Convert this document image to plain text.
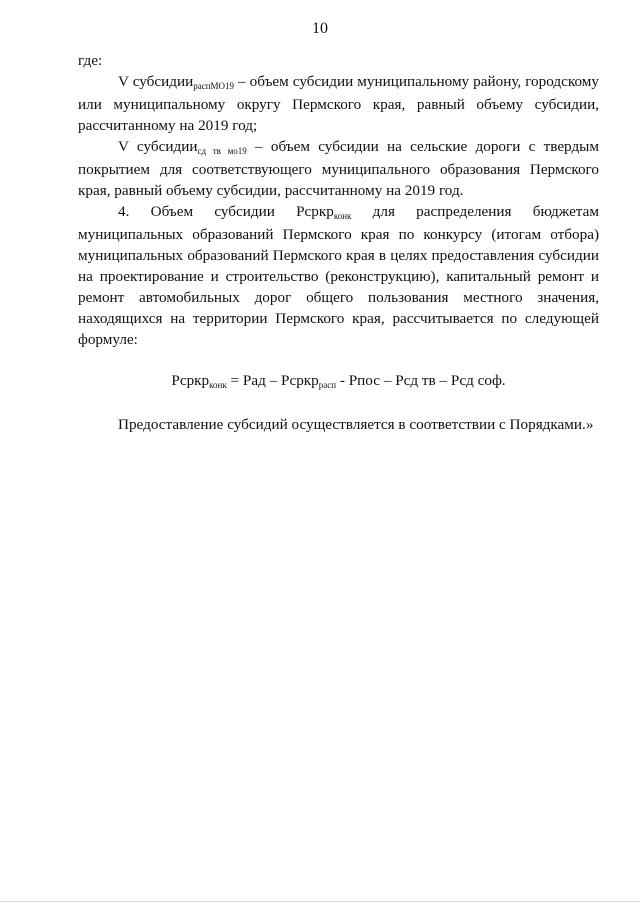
10

где:

V субсидии$_{распМО19}$ – объем субсидии муниципальному району, городскому или муниципальному округу Пермского края, равный объему субсидии, рассчитанному на 2019 год;

V субсидии$_{сд тв мо19}$ – объем субсидии на сельские дороги с твердым покрытием для соответствующего муниципального образования Пермского края, равный объему субсидии, рассчитанному на 2019 год.

4. Объем субсидии Рсркр$_{конк}$ для распределения бюджетам муниципальных образований Пермского края по конкурсу (итогам отбора) муниципальных образований Пермского края в целях предоставления субсидии на проектирование и строительство (реконструкцию), капитальный ремонт и ремонт автомобильных дорог общего пользования местного значения, находящихся на территории Пермского края, рассчитывается по следующей формуле:

Рсркр$_{конк}$ = Рад – Рсркр$_{расп}$ - Рпос – Рсд тв – Рсд соф.

Предоставление субсидий осуществляется в соответствии с Порядками.»
